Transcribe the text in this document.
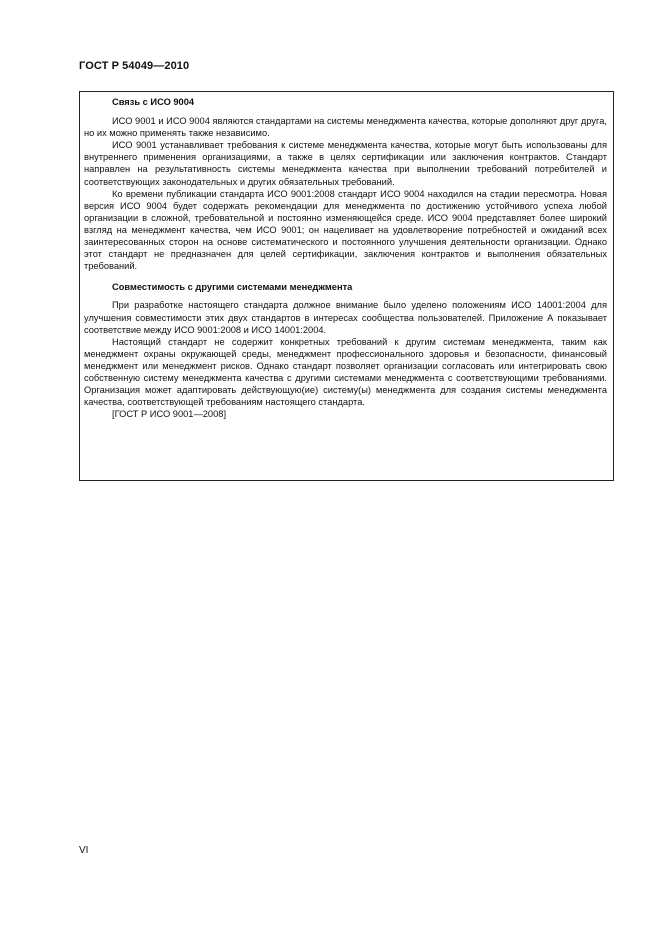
ГОСТ Р 54049—2010
Связь с ИСО 9004

ИСО 9001 и ИСО 9004 являются стандартами на системы менеджмента качества, которые дополняют друг друга, но их можно применять также независимо.

ИСО 9001 устанавливает требования к системе менеджмента качества, которые могут быть использованы для внутреннего применения организациями, а также в целях сертификации или заключения контрактов. Стандарт направлен на результативность системы менеджмента качества при выполнении требований потребителей и соответствующих законодательных и других обязательных требований.

Ко времени публикации стандарта ИСО 9001:2008 стандарт ИСО 9004 находился на стадии пересмотра. Новая версия ИСО 9004 будет содержать рекомендации для менеджмента по достижению устойчивого успеха любой организации в сложной, требовательной и постоянно изменяющейся среде. ИСО 9004 представляет более широкий взгляд на менеджмент качества, чем ИСО 9001; он нацеливает на удовлетворение потребностей и ожиданий всех заинтересованных сторон на основе систематического и постоянного улучшения деятельности организации. Однако этот стандарт не предназначен для целей сертификации, заключения контрактов и выполнения обязательных требований.

Совместимость с другими системами менеджмента

При разработке настоящего стандарта должное внимание было уделено положениям ИСО 14001:2004 для улучшения совместимости этих двух стандартов в интересах сообщества пользователей. Приложение А показывает соответствие между ИСО 9001:2008 и ИСО 14001:2004.

Настоящий стандарт не содержит конкретных требований к другим системам менеджмента, таким как менеджмент охраны окружающей среды, менеджмент профессионального здоровья и безопасности, финансовый менеджмент или менеджмент рисков. Однако стандарт позволяет организации согласовать или интегрировать свою собственную систему менеджмента качества с другими системами менеджмента с соответствующими требованиями. Организация может адаптировать действующую(ие) систему(ы) менеджмента для создания системы менеджмента качества, соответствующей требованиям настоящего стандарта.

[ГОСТ Р ИСО 9001—2008]

VI
